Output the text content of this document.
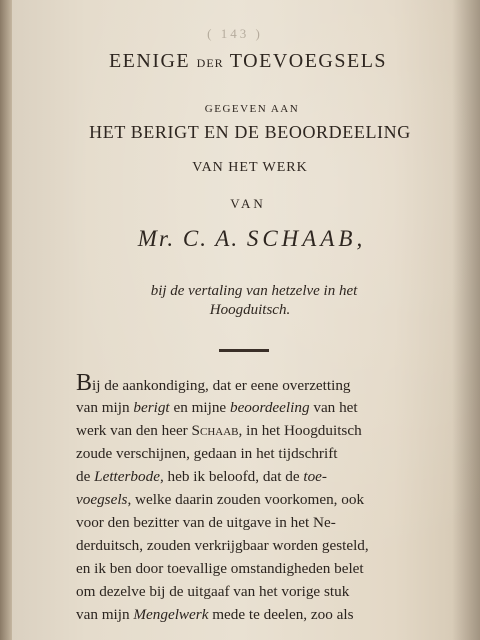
( 143 )
EENIGE DER TOEVOEGSELS
GEGEVEN AAN
HET BERIGT EN DE BEOORDEELING
VAN HET WERK
VAN
Mr. C. A. SCHAAB,
bij de vertaling van hetzelve in het
Hoogduitsch.
Bij de aankondiging, dat er eene overzetting
van mijn berigt en mijne beoordeeling van het
werk van den heer Schaab, in het Hoogduitsch
zoude verschijnen, gedaan in het tijdschrift
de Letterbode, heb ik beloofd, dat de toe-
voegsels, welke daarin zouden voorkomen, ook
voor den bezitter van de uitgave in het Ne-
derduitsch, zouden verkrijgbaar worden gesteld,
en ik ben door toevallige omstandigheden belet
om dezelve bij de uitgaaf van het vorige stuk
van mijn Mengelwerk mede te deelen, zoo als
